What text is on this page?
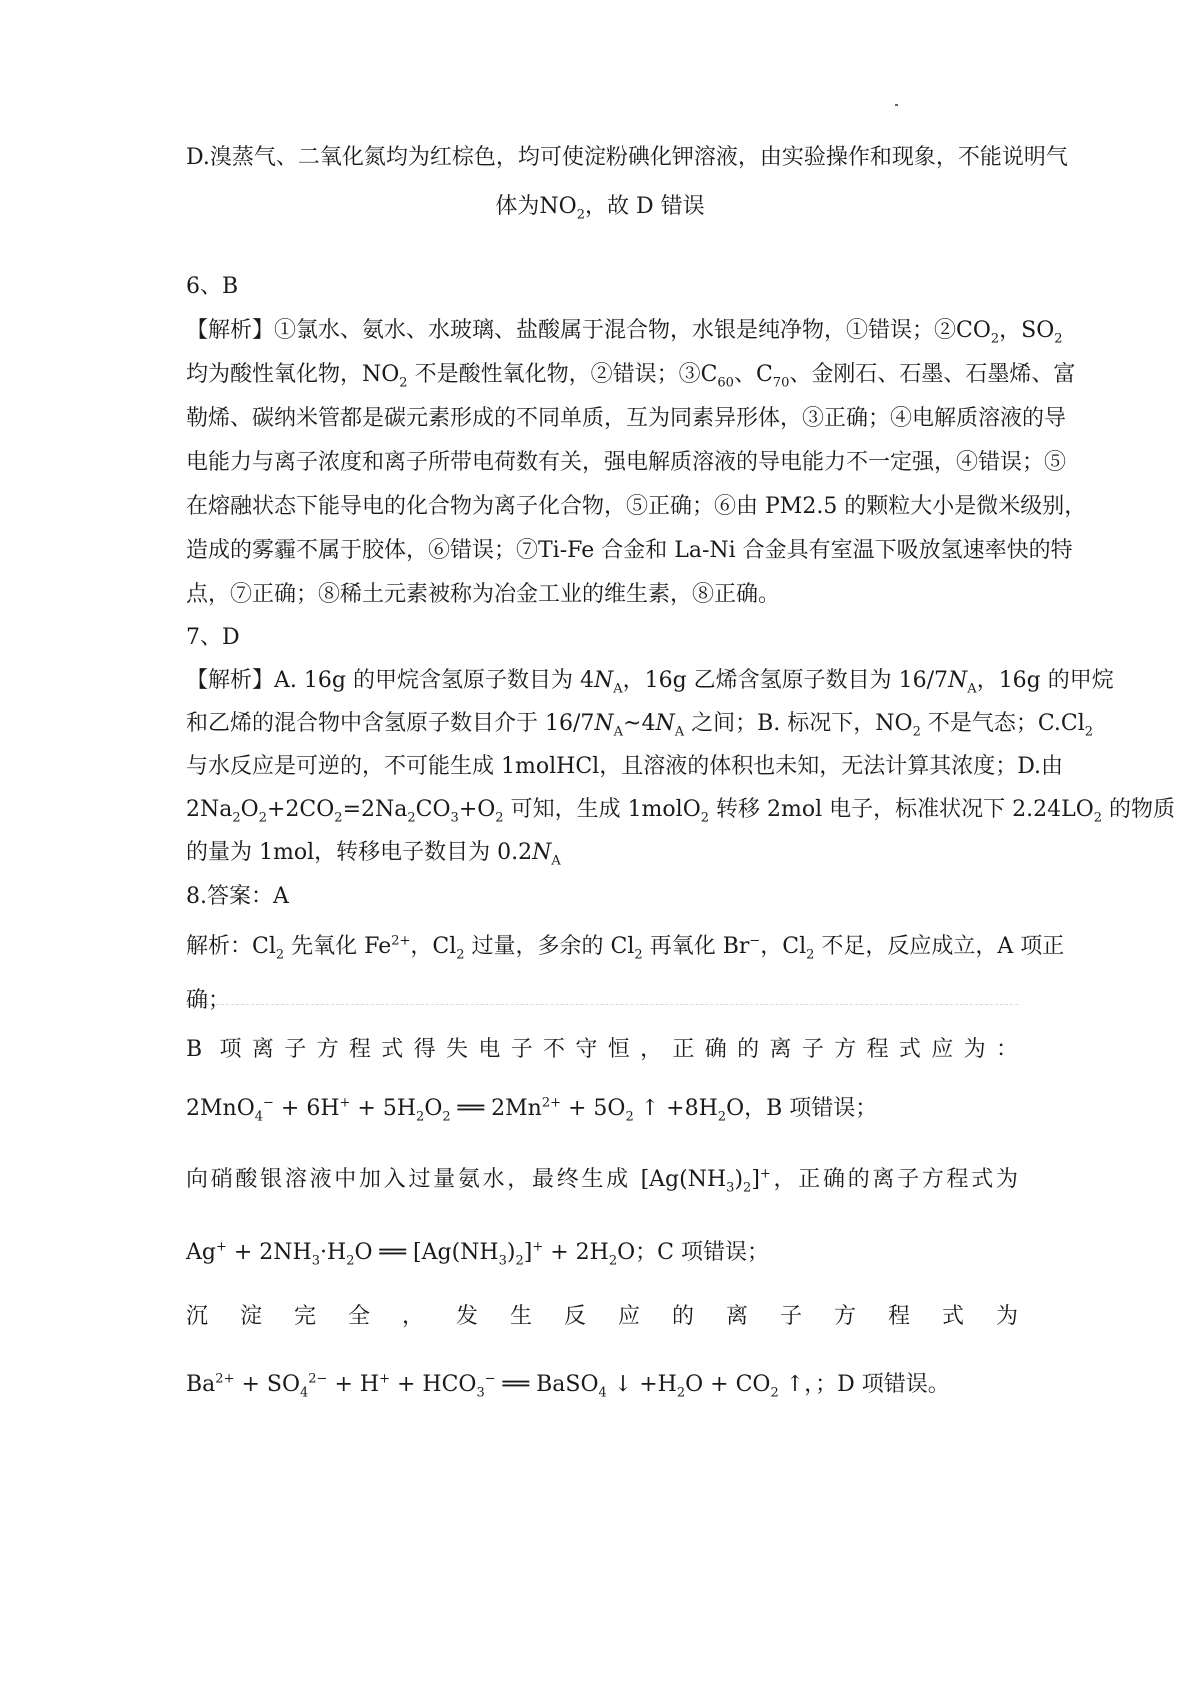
D.溴蒸气、二氧化氮均为红棕色，均可使淀粉碘化钾溶液，由实验操作和现象，不能说明气
体为$NO_2$，故 D 错误
6、B
【解析】①氯水、氨水、水玻璃、盐酸属于混合物，水银是纯净物，①错误；$②CO_2$，$SO_2$
均为酸性氧化物，$NO_2$ 不是酸性氧化物，②错误；$③C_{60}$、$C_{70}$、金刚石、石墨、石墨烯、富
勒烯、碳纳米管都是碳元素形成的不同单质，互为同素异形体，③正确；④电解质溶液的导
电能力与离子浓度和离子所带电荷数有关，强电解质溶液的导电能力不一定强，④错误；⑤
在熔融状态下能导电的化合物为离子化合物，⑤正确；⑥由 PM2.5 的颗粒大小是微米级别，
造成的雾霾不属于胶体，⑥错误；⑦Ti-Fe 合金和 La-Ni 合金具有室温下吸放氢速率快的特
点，⑦正确；⑧稀土元素被称为冶金工业的维生素，⑧正确。
7、D
【解析】A. 16g 的甲烷含氢原子数目为 $4N_A$，16g 乙烯含氢原子数目为 $16/7N_A$，16g 的甲烷
和乙烯的混合物中含氢原子数目介于 $16/7N_A\sim 4N_A$ 之间；B. 标况下，$NO_2$ 不是气态；$C.Cl_2$
与水反应是可逆的，不可能生成 1molHCl，且溶液的体积也未知，无法计算其浓度；D.由
$2Na_2O_2+2CO_2=2Na_2CO_3+O_2$ 可知，生成 1molO$_2$ 转移 2mol 电子，标准状况下 $2.24LO_2$ 的物质
的量为 1mol，转移电子数目为 $0.2N_A$
8.答案：A
解析：$Cl_2$ 先氧化 $Fe^{2+}$，$Cl_2$ 过量，多余的 $Cl_2$ 再氧化 Br−，$Cl_2$ 不足，反应成立，A 项正
确；
B 项离子方程式得失电子不守恒，正确的离子方程式应为：
$2MnO_4^- + 6H^+ + 5H_2O_2$ ══ $2Mn^{2+} + 5O_2$ ↑ $+8H_2O$，B 项错误；
向硝酸银溶液中加入过量氨水，最终生成 $[Ag(NH_3)_2]^+$，正确的离子方程式为
$Ag^+ + 2NH_3\cdot H_2O$ ══ $[Ag(NH_3)_2]^+ + 2H_2O$；C 项错误；
沉淀完全，发生反应的离子方程式为
$Ba^{2+} + SO_4^{2-} + H^+ + HCO_3^-$ ══ BaSO$_4$ ↓ $+H_2O + CO_2$ ↑，；D 项错误。
